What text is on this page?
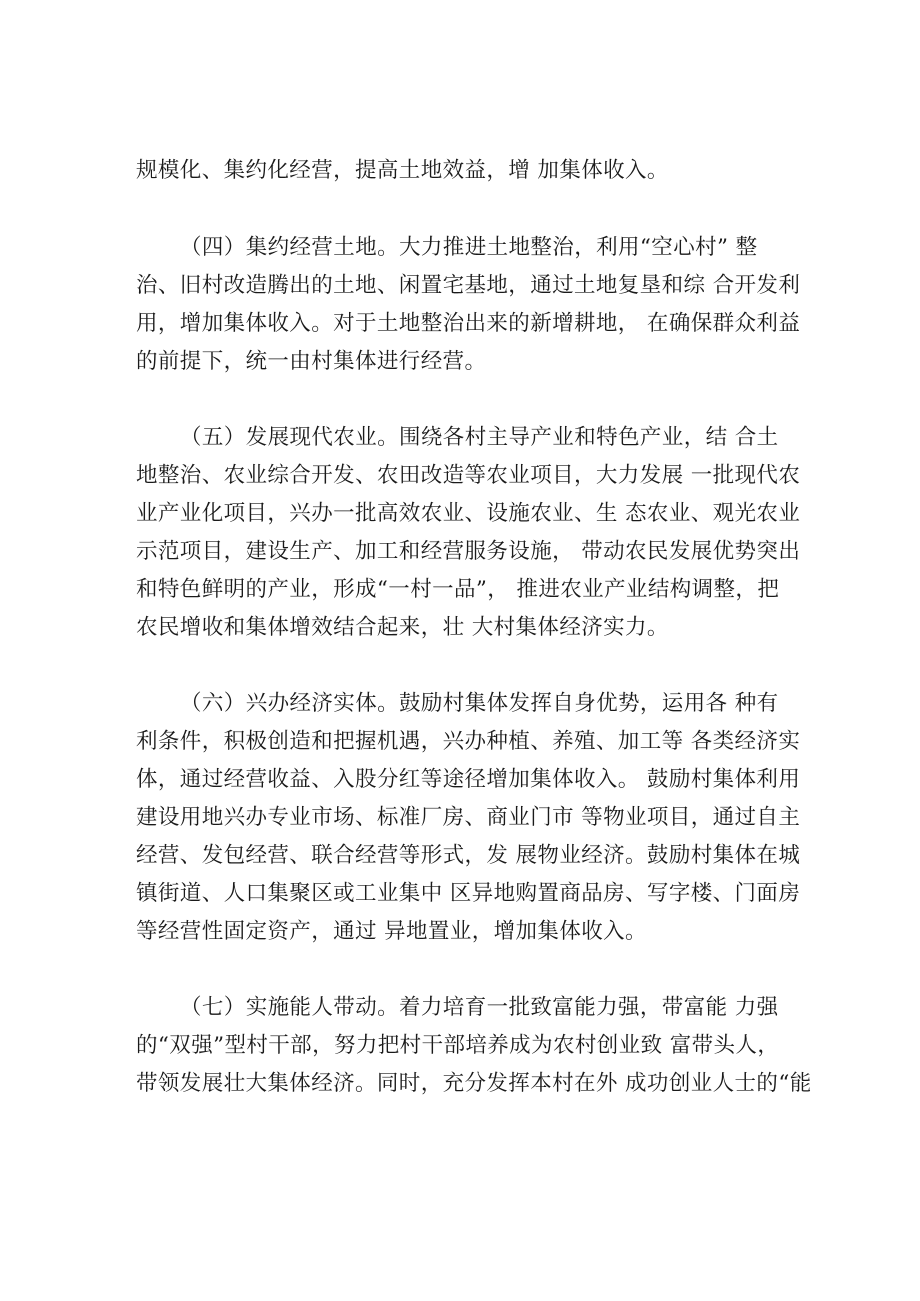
规模化、集约化经营，提高土地效益，增 加集体收入。
（四）集约经营土地。大力推进土地整治，利用“空心村” 整
治、旧村改造腾出的土地、闲置宅基地，通过土地复垦和综 合开发利
用，增加集体收入。对于土地整治出来的新增耕地， 在确保群众利益
的前提下，统一由村集体进行经营。
（五）发展现代农业。围绕各村主导产业和特色产业，结 合土
地整治、农业综合开发、农田改造等农业项目，大力发展 一批现代农
业产业化项目，兴办一批高效农业、设施农业、生 态农业、观光农业
示范项目，建设生产、加工和经营服务设施， 带动农民发展优势突出
和特色鲜明的产业，形成“一村一品”， 推进农业产业结构调整，把
农民增收和集体增效结合起来，壮 大村集体经济实力。
（六）兴办经济实体。鼓励村集体发挥自身优势，运用各 种有
利条件，积极创造和把握机遇，兴办种植、养殖、加工等 各类经济实
体，通过经营收益、入股分红等途径增加集体收入。 鼓励村集体利用
建设用地兴办专业市场、标准厂房、商业门市 等物业项目，通过自主
经营、发包经营、联合经营等形式，发 展物业经济。鼓励村集体在城
镇街道、人口集聚区或工业集中 区异地购置商品房、写字楼、门面房
等经营性固定资产，通过 异地置业，增加集体收入。
（七）实施能人带动。着力培育一批致富能力强，带富能 力强
的“双强”型村干部，努力把村干部培养成为农村创业致 富带头人，
带领发展壮大集体经济。同时，充分发挥本村在外 成功创业人士的“能
